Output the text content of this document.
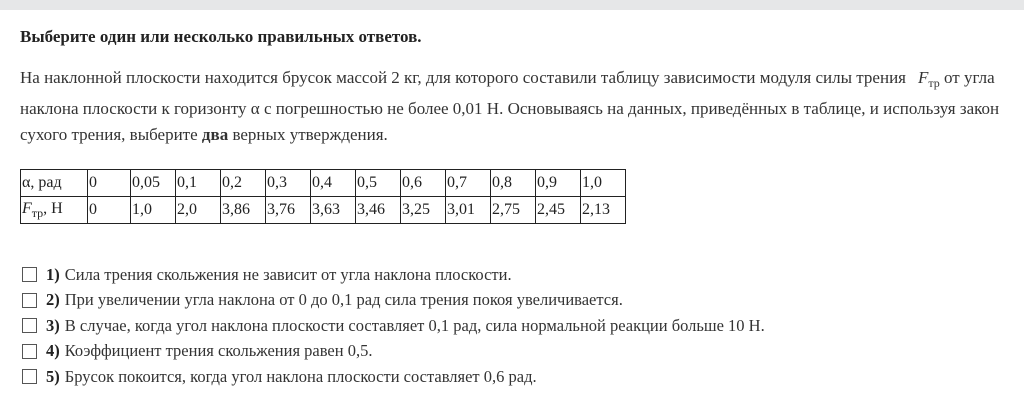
Выберите один или несколько правильных ответов.

На наклонной плоскости находится брусок массой 2 кг, для которого составили таблицу зависимости модуля силы трения $F_{тр}$ от угла наклона плоскости к горизонту α с погрешностью не более 0,01 Н. Основываясь на данных, приведённых в таблице, и используя закон сухого трения, выберите два верных утверждения.

α, рад	0	0,05	0,1	0,2	0,3	0,4	0,5	0,6	0,7	0,8	0,9	1,0
$F_{тр}$, Н	0	1,0	2,0	3,86	3,76	3,63	3,46	3,25	3,01	2,75	2,45	2,13
1) Сила трения скольжения не зависит от угла наклона плоскости.
2) При увеличении угла наклона от 0 до 0,1 рад сила трения покоя увеличивается.
3) В случае, когда угол наклона плоскости составляет 0,1 рад, сила нормальной реакции больше 10 Н.
4) Коэффициент трения скольжения равен 0,5.
5) Брусок покоится, когда угол наклона плоскости составляет 0,6 рад.
